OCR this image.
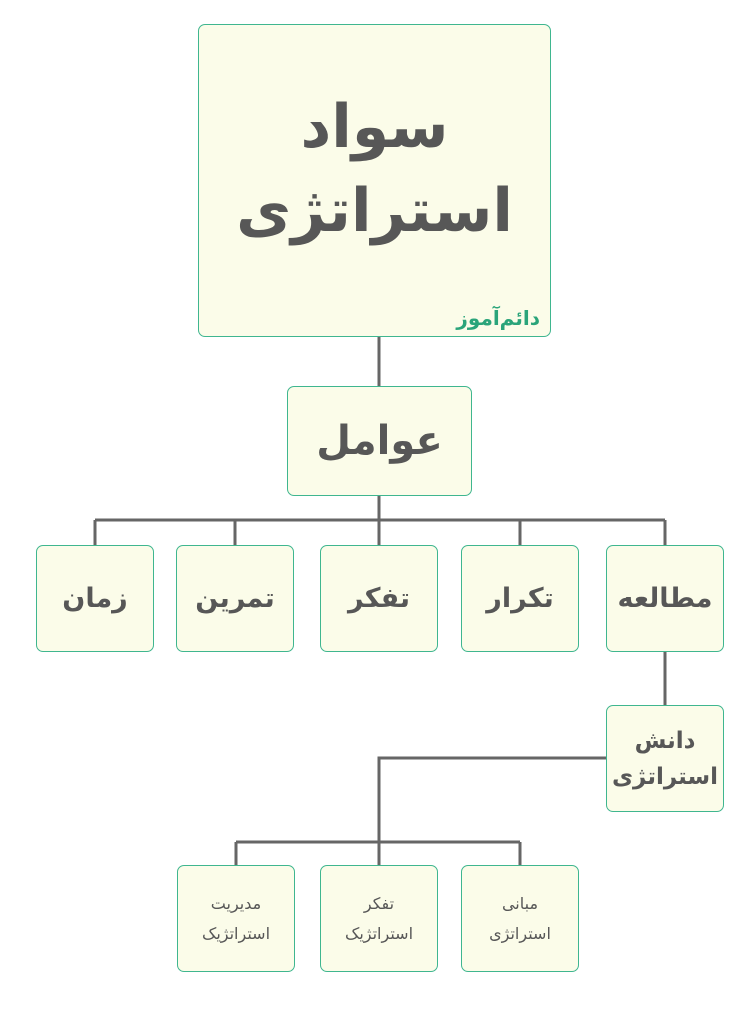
سواد
استراتژی
دائم‌آموز
عوامل
مطالعه
تکرار
تفکر
تمرین
زمان
دانش
استراتژی
مبانی
استراتژی
تفکر
استراتژیک
مدیریت
استراتژیک
